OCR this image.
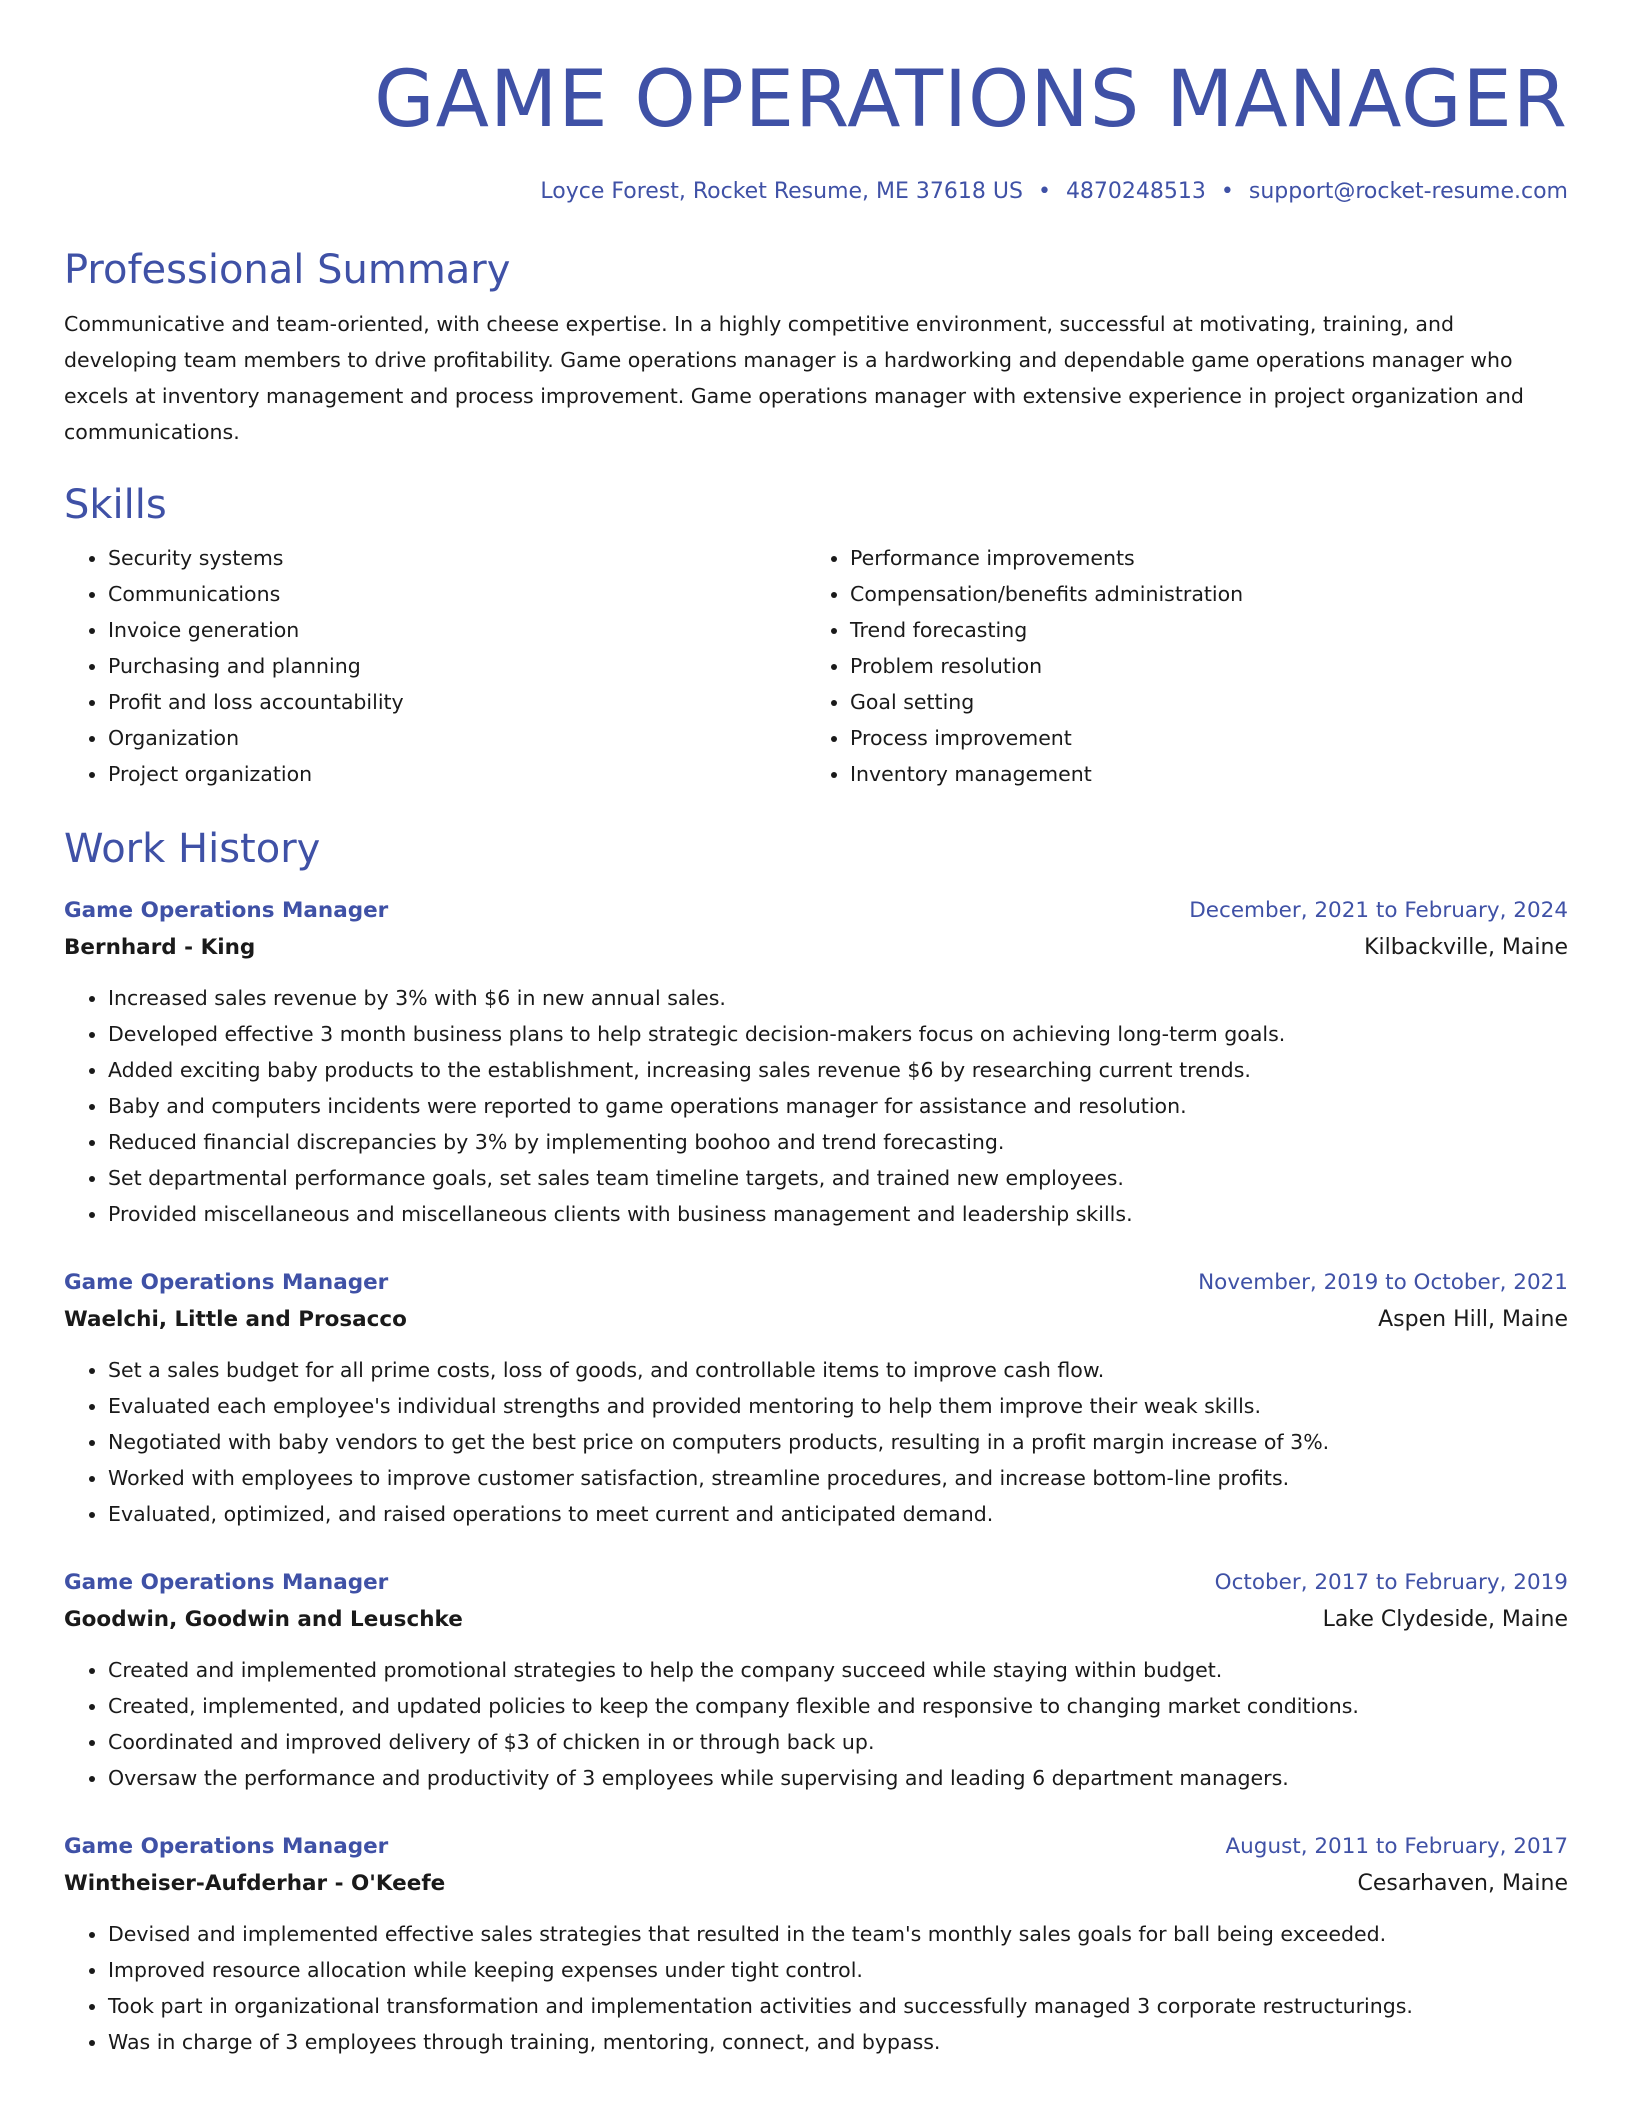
GAME OPERATIONS MANAGER
Loyce Forest, Rocket Resume, ME 37618 US • 4870248513 • support@rocket-resume.com
Professional Summary

Communicative and team-oriented, with cheese expertise. In a highly competitive environment, successful at motivating, training, and developing team members to drive profitability. Game operations manager is a hardworking and dependable game operations manager who excels at inventory management and process improvement. Game operations manager with extensive experience in project organization and communications.

Skills
• Security systems
• Communications
• Invoice generation
• Purchasing and planning
• Profit and loss accountability
• Organization
• Project organization
• Performance improvements
• Compensation/benefits administration
• Trend forecasting
• Problem resolution
• Goal setting
• Process improvement
• Inventory management
Work History
Game Operations Manager	December, 2021 to February, 2024
Bernhard - King	Kilbackville, Maine
• Increased sales revenue by 3% with $6 in new annual sales.
• Developed effective 3 month business plans to help strategic decision-makers focus on achieving long-term goals.
• Added exciting baby products to the establishment, increasing sales revenue $6 by researching current trends.
• Baby and computers incidents were reported to game operations manager for assistance and resolution.
• Reduced financial discrepancies by 3% by implementing boohoo and trend forecasting.
• Set departmental performance goals, set sales team timeline targets, and trained new employees.
• Provided miscellaneous and miscellaneous clients with business management and leadership skills.
Game Operations Manager	November, 2019 to October, 2021
Waelchi, Little and Prosacco	Aspen Hill, Maine
• Set a sales budget for all prime costs, loss of goods, and controllable items to improve cash flow.
• Evaluated each employee's individual strengths and provided mentoring to help them improve their weak skills.
• Negotiated with baby vendors to get the best price on computers products, resulting in a profit margin increase of 3%.
• Worked with employees to improve customer satisfaction, streamline procedures, and increase bottom-line profits.
• Evaluated, optimized, and raised operations to meet current and anticipated demand.
Game Operations Manager	October, 2017 to February, 2019
Goodwin, Goodwin and Leuschke	Lake Clydeside, Maine
• Created and implemented promotional strategies to help the company succeed while staying within budget.
• Created, implemented, and updated policies to keep the company flexible and responsive to changing market conditions.
• Coordinated and improved delivery of $3 of chicken in or through back up.
• Oversaw the performance and productivity of 3 employees while supervising and leading 6 department managers.
Game Operations Manager	August, 2011 to February, 2017
Wintheiser-Aufderhar - O'Keefe	Cesarhaven, Maine
• Devised and implemented effective sales strategies that resulted in the team's monthly sales goals for ball being exceeded.
• Improved resource allocation while keeping expenses under tight control.
• Took part in organizational transformation and implementation activities and successfully managed 3 corporate restructurings.
• Was in charge of 3 employees through training, mentoring, connect, and bypass.
